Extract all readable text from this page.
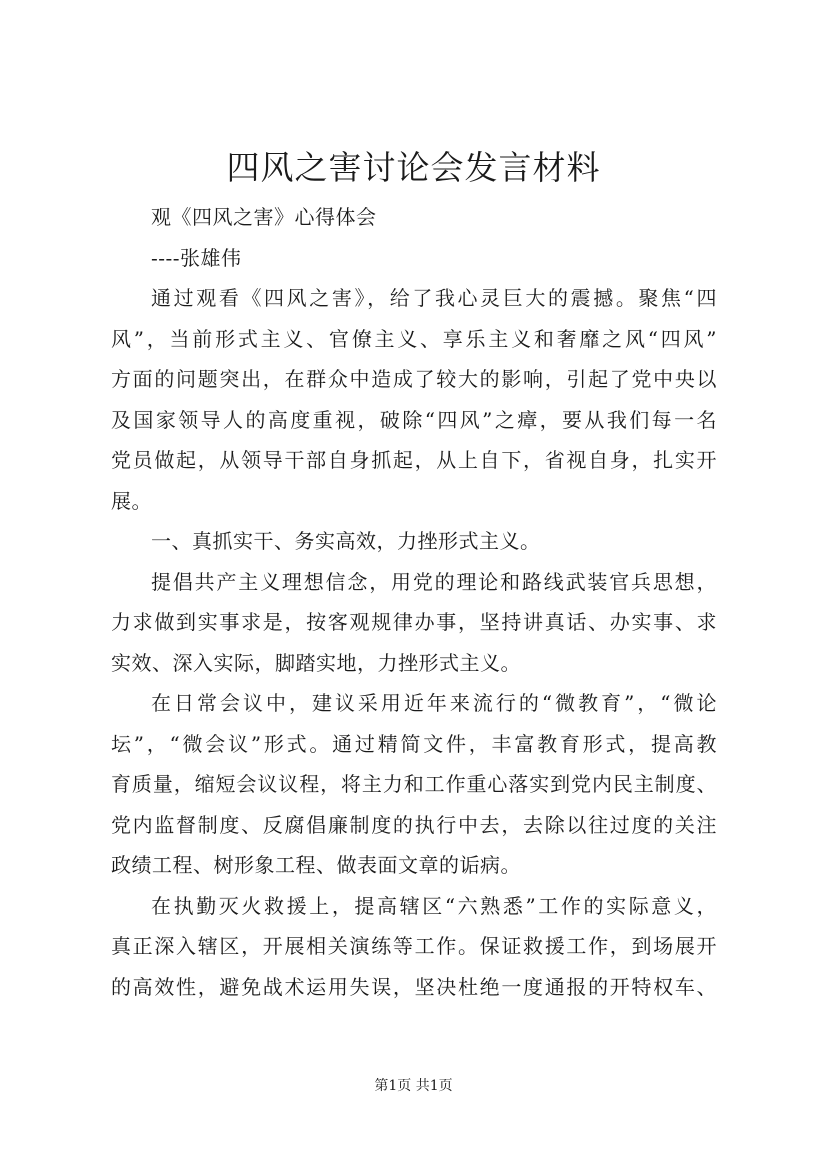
四风之害讨论会发言材料
观《四风之害》心得体会
----张雄伟
通过观看《四风之害》，给了我心灵巨大的震撼。聚焦“四
风”，当前形式主义、官僚主义、享乐主义和奢靡之风“四风”
方面的问题突出，在群众中造成了较大的影响，引起了党中央以
及国家领导人的高度重视，破除“四风”之瘴，要从我们每一名
党员做起，从领导干部自身抓起，从上自下，省视自身，扎实开
展。
一、真抓实干、务实高效，力挫形式主义。
提倡共产主义理想信念，用党的理论和路线武装官兵思想，
力求做到实事求是，按客观规律办事，坚持讲真话、办实事、求
实效、深入实际，脚踏实地，力挫形式主义。
在日常会议中，建议采用近年来流行的“微教育”，“微论
坛”，“微会议”形式。通过精简文件，丰富教育形式，提高教
育质量，缩短会议议程，将主力和工作重心落实到党内民主制度、
党内监督制度、反腐倡廉制度的执行中去，去除以往过度的关注
政绩工程、树形象工程、做表面文章的诟病。
在执勤灭火救援上，提高辖区“六熟悉”工作的实际意义，
真正深入辖区，开展相关演练等工作。保证救援工作，到场展开
的高效性，避免战术运用失误，坚决杜绝一度通报的开特权车、
第1页 共1页
